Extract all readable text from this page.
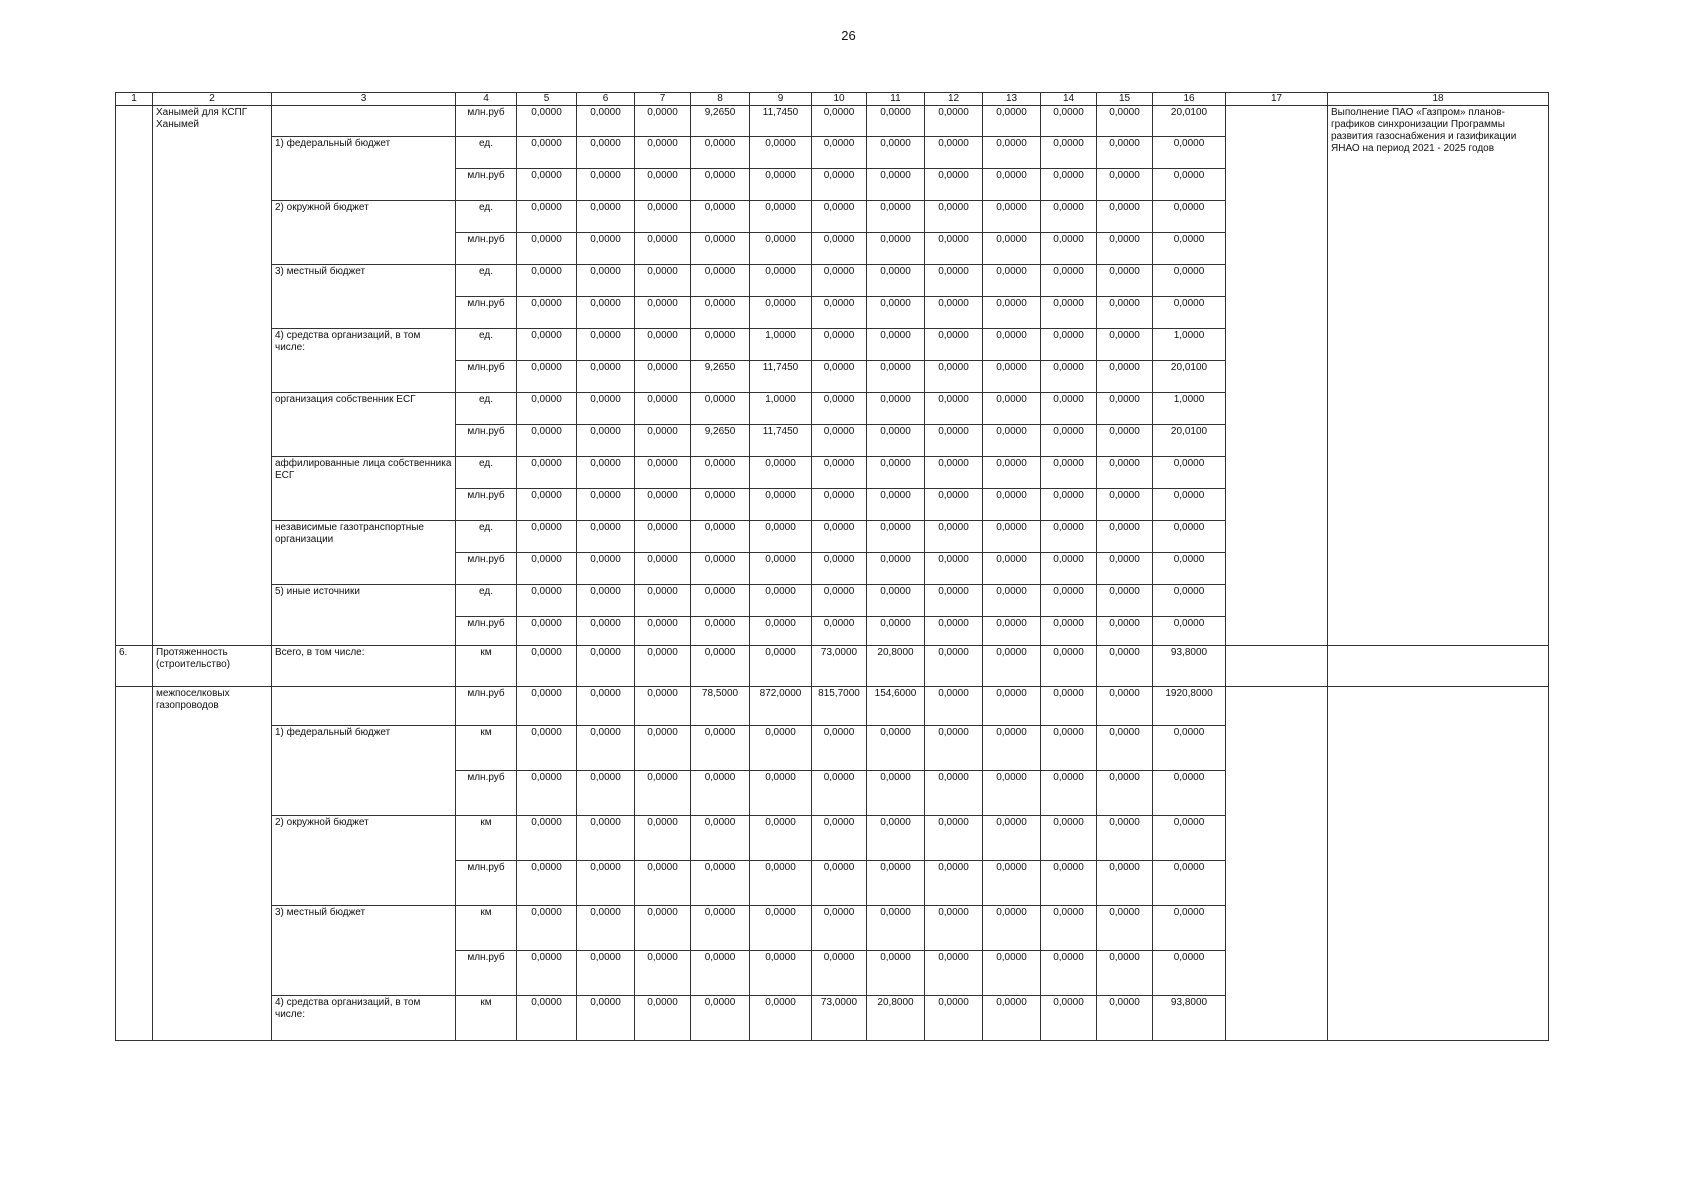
26
1	2	3	4	5	6	7	8	9	10	11	12	13	14	15	16	17	18
	Ханымей для КСПГ Ханымей		млн.руб	0,0000	0,0000	0,0000	9,2650	11,7450	0,0000	0,0000	0,0000	0,0000	0,0000	0,0000	20,0100		Выполнение ПАО «Газпром» планов-графиков синхронизации Программы развития газоснабжения и газификации ЯНАО на период 2021 - 2025 годов
		1) федеральный бюджет	ед.	0,0000	0,0000	0,0000	0,0000	0,0000	0,0000	0,0000	0,0000	0,0000	0,0000	0,0000	0,0000		
			млн.руб	0,0000	0,0000	0,0000	0,0000	0,0000	0,0000	0,0000	0,0000	0,0000	0,0000	0,0000	0,0000		
		2) окружной бюджет	ед.	0,0000	0,0000	0,0000	0,0000	0,0000	0,0000	0,0000	0,0000	0,0000	0,0000	0,0000	0,0000		
			млн.руб	0,0000	0,0000	0,0000	0,0000	0,0000	0,0000	0,0000	0,0000	0,0000	0,0000	0,0000	0,0000		
		3) местный бюджет	ед.	0,0000	0,0000	0,0000	0,0000	0,0000	0,0000	0,0000	0,0000	0,0000	0,0000	0,0000	0,0000		
			млн.руб	0,0000	0,0000	0,0000	0,0000	0,0000	0,0000	0,0000	0,0000	0,0000	0,0000	0,0000	0,0000		
		4) средства организаций, в том числе:	ед.	0,0000	0,0000	0,0000	0,0000	1,0000	0,0000	0,0000	0,0000	0,0000	0,0000	0,0000	1,0000		
			млн.руб	0,0000	0,0000	0,0000	9,2650	11,7450	0,0000	0,0000	0,0000	0,0000	0,0000	0,0000	20,0100		
		организация собственник ЕСГ	ед.	0,0000	0,0000	0,0000	0,0000	1,0000	0,0000	0,0000	0,0000	0,0000	0,0000	0,0000	1,0000		
			млн.руб	0,0000	0,0000	0,0000	9,2650	11,7450	0,0000	0,0000	0,0000	0,0000	0,0000	0,0000	20,0100		
		аффилированные лица собственника ЕСГ	ед.	0,0000	0,0000	0,0000	0,0000	0,0000	0,0000	0,0000	0,0000	0,0000	0,0000	0,0000	0,0000		
			млн.руб	0,0000	0,0000	0,0000	0,0000	0,0000	0,0000	0,0000	0,0000	0,0000	0,0000	0,0000	0,0000		
		независимые газотранспортные организации	ед.	0,0000	0,0000	0,0000	0,0000	0,0000	0,0000	0,0000	0,0000	0,0000	0,0000	0,0000	0,0000		
			млн.руб	0,0000	0,0000	0,0000	0,0000	0,0000	0,0000	0,0000	0,0000	0,0000	0,0000	0,0000	0,0000		
		5) иные источники	ед.	0,0000	0,0000	0,0000	0,0000	0,0000	0,0000	0,0000	0,0000	0,0000	0,0000	0,0000	0,0000		
			млн.руб	0,0000	0,0000	0,0000	0,0000	0,0000	0,0000	0,0000	0,0000	0,0000	0,0000	0,0000	0,0000		
6.	Протяженность (строительство)	Всего, в том числе:	км	0,0000	0,0000	0,0000	0,0000	0,0000	73,0000	20,8000	0,0000	0,0000	0,0000	0,0000	93,8000		
	межпоселковых газопроводов		млн.руб	0,0000	0,0000	0,0000	78,5000	872,0000	815,7000	154,6000	0,0000	0,0000	0,0000	0,0000	1920,8000		
		1) федеральный бюджет	км	0,0000	0,0000	0,0000	0,0000	0,0000	0,0000	0,0000	0,0000	0,0000	0,0000	0,0000	0,0000		
			млн.руб	0,0000	0,0000	0,0000	0,0000	0,0000	0,0000	0,0000	0,0000	0,0000	0,0000	0,0000	0,0000		
		2) окружной бюджет	км	0,0000	0,0000	0,0000	0,0000	0,0000	0,0000	0,0000	0,0000	0,0000	0,0000	0,0000	0,0000		
			млн.руб	0,0000	0,0000	0,0000	0,0000	0,0000	0,0000	0,0000	0,0000	0,0000	0,0000	0,0000	0,0000		
		3) местный бюджет	км	0,0000	0,0000	0,0000	0,0000	0,0000	0,0000	0,0000	0,0000	0,0000	0,0000	0,0000	0,0000		
			млн.руб	0,0000	0,0000	0,0000	0,0000	0,0000	0,0000	0,0000	0,0000	0,0000	0,0000	0,0000	0,0000		
		4) средства организаций, в том числе:	км	0,0000	0,0000	0,0000	0,0000	0,0000	73,0000	20,8000	0,0000	0,0000	0,0000	0,0000	93,8000		
